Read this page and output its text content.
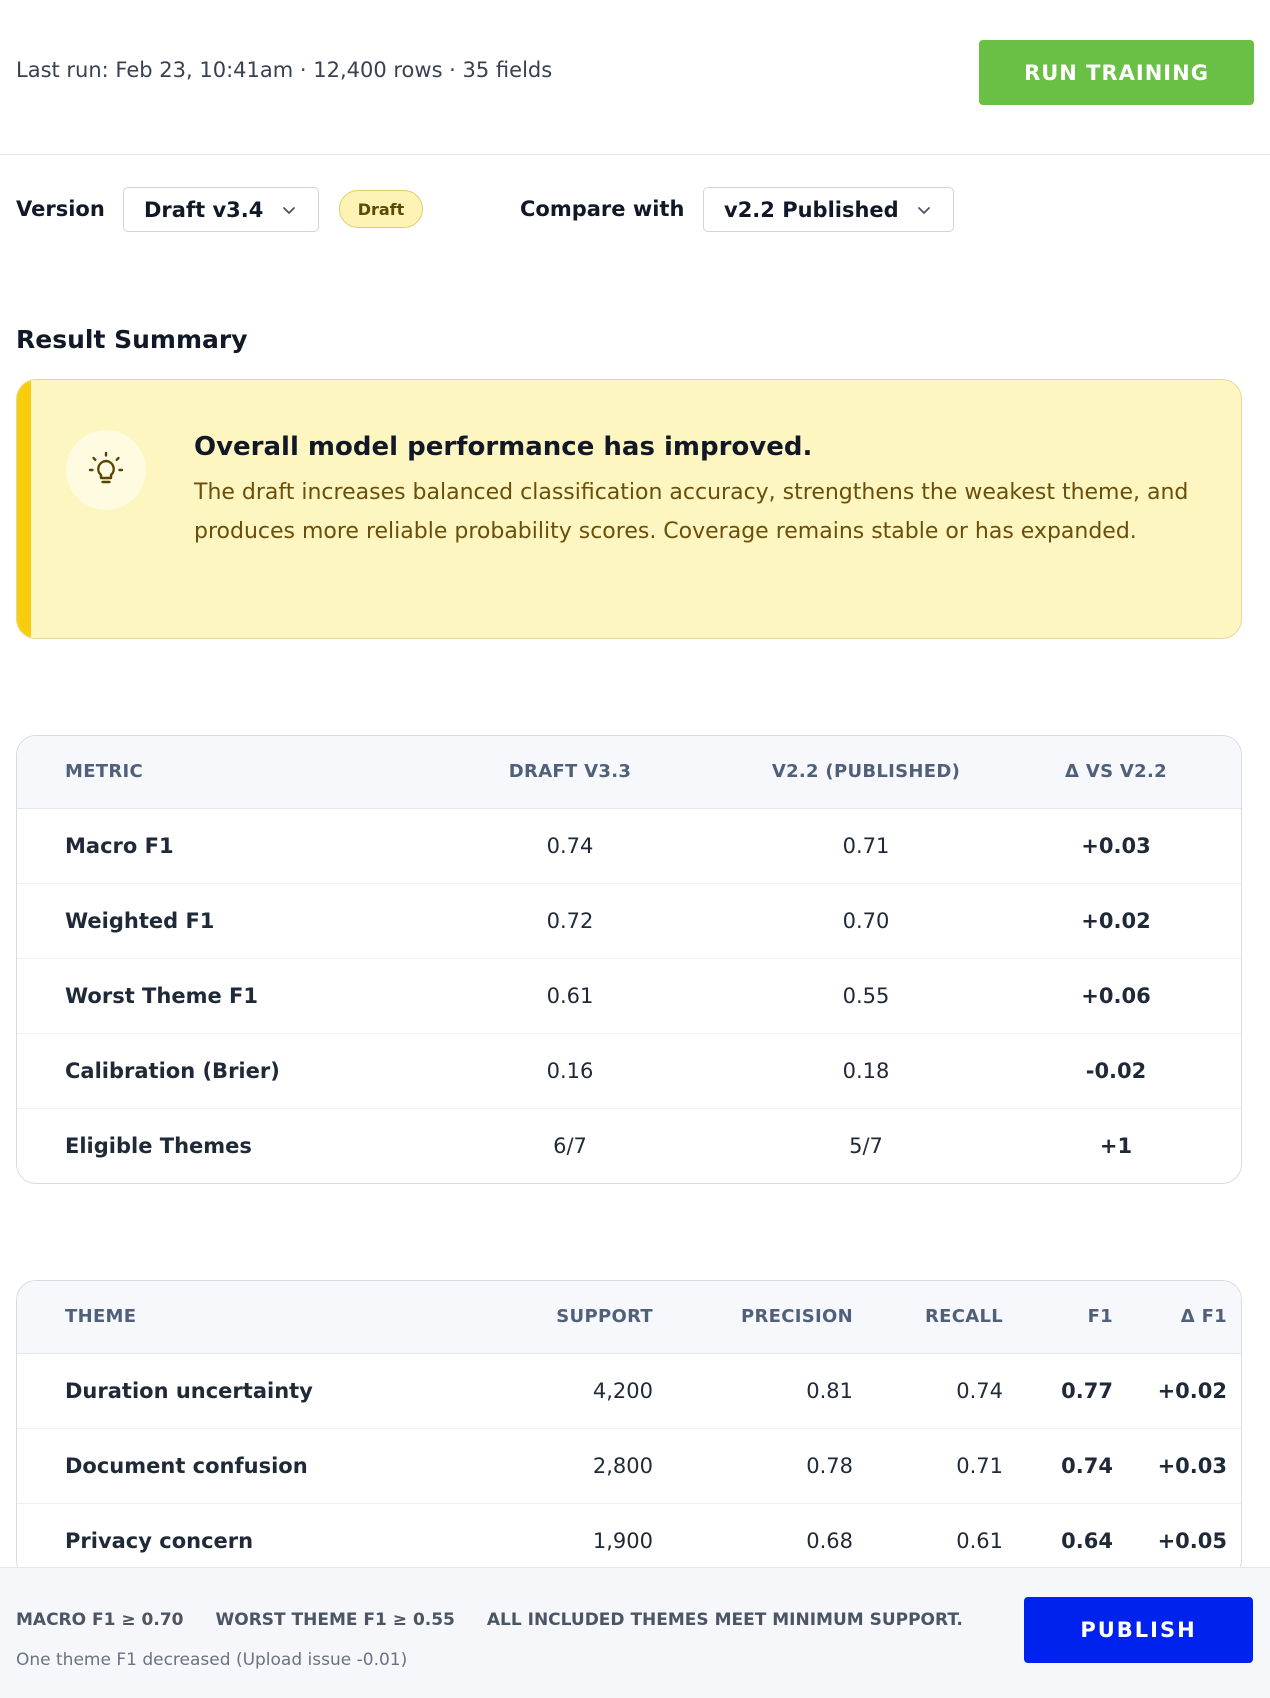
Last run: Feb 23, 10:41am · 12,400 rows · 35 fields	RUN TRAINING
Version Draft v3.4	Draft	Compare with v2.2 Published
Result Summary
Overall model performance has improved.

The draft increases balanced classification accuracy, strengthens the weakest theme, and produces more reliable probability scores. Coverage remains stable or has expanded.

METRIC	DRAFT V3.3	V2.2 (PUBLISHED)	Δ VS V2.2
Macro F1	0.74	0.71	+0.03
Weighted F1	0.72	0.70	+0.02
Worst Theme F1	0.61	0.55	+0.06
Calibration (Brier)	0.16	0.18	-0.02
Eligible Themes	6/7	5/7	+1
THEME	SUPPORT	PRECISION	RECALL	F1	Δ F1
Duration uncertainty	4,200	0.81	0.74	0.77	+0.02
Document confusion	2,800	0.78	0.71	0.74	+0.03
Privacy concern	1,900	0.68	0.61	0.64	+0.05
MACRO F1 ≥ 0.70 WORST THEME F1 ≥ 0.55 ALL INCLUDED THEMES MEET MINIMUM SUPPORT.
One theme F1 decreased (Upload issue -0.01)
PUBLISH
